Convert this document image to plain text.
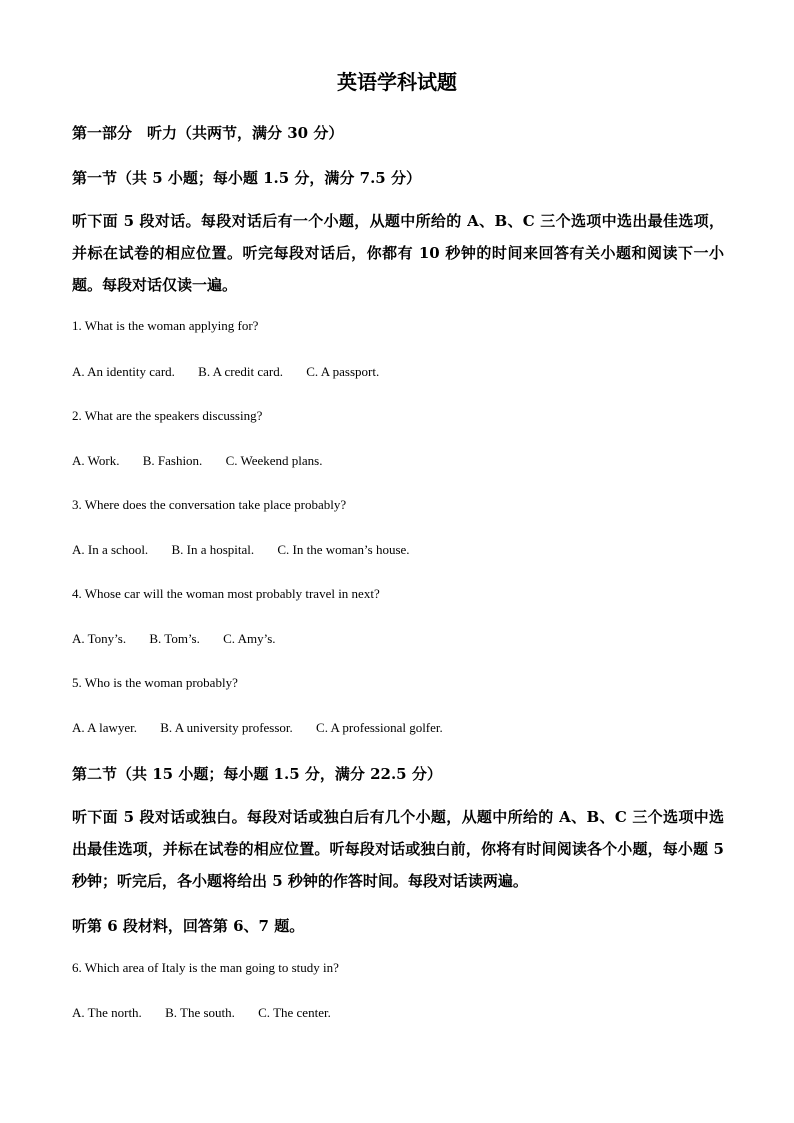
英语学科试题
第一部分　听力（共两节，满分 30 分）
第一节（共 5 小题；每小题 1.5 分，满分 7.5 分）
听下面 5 段对话。每段对话后有一个小题，从题中所给的 A、B、C 三个选项中选出最佳选项，并标在试卷的相应位置。听完每段对话后，你都有 10 秒钟的时间来回答有关小题和阅读下一小题。每段对话仅读一遍。
1. What is the woman applying for?
A. An identity card. B. A credit card. C. A passport.
2. What are the speakers discussing?
A. Work. B. Fashion. C. Weekend plans.
3. Where does the conversation take place probably?
A. In a school. B. In a hospital. C. In the woman’s house.
4. Whose car will the woman most probably travel in next?
A. Tony’s. B. Tom’s. C. Amy’s.
5. Who is the woman probably?
A. A lawyer. B. A university professor. C. A professional golfer.
第二节（共 15 小题；每小题 1.5 分，满分 22.5 分）
听下面 5 段对话或独白。每段对话或独白后有几个小题，从题中所给的 A、B、C 三个选项中选出最佳选项，并标在试卷的相应位置。听每段对话或独白前，你将有时间阅读各个小题，每小题 5 秒钟；听完后，各小题将给出 5 秒钟的作答时间。每段对话读两遍。
听第 6 段材料，回答第 6、7 题。
6. Which area of Italy is the man going to study in?
A. The north. B. The south. C. The center.
